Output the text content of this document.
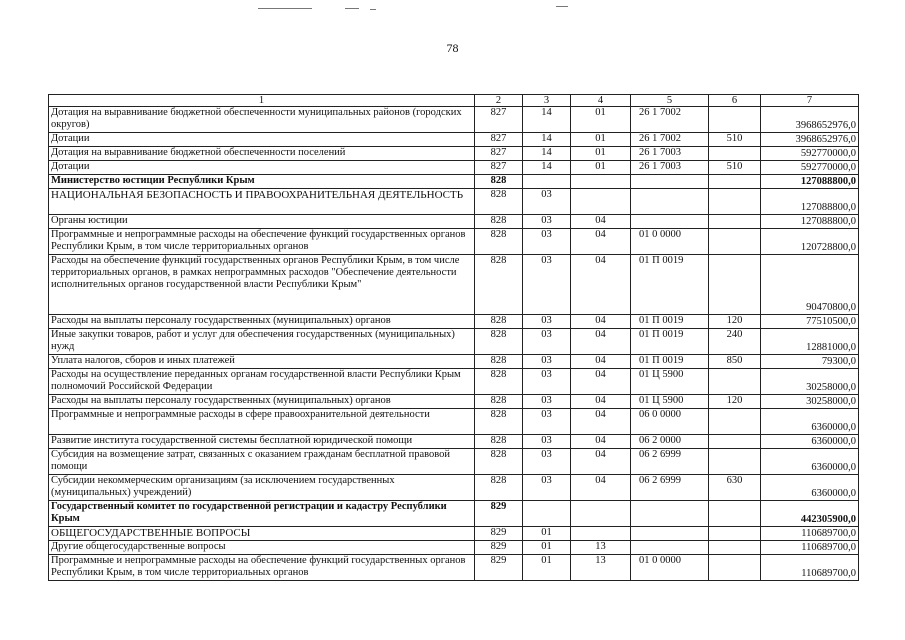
78
1	2	3	4	5	6	7
Дотация на выравнивание бюджетной обеспеченности муниципальных районов (городских округов)	827	14	01	26 1 7002		3968652976,0
Дотации	827	14	01	26 1 7002	510	3968652976,0
Дотация на выравнивание бюджетной обеспеченности поселений	827	14	01	26 1 7003		592770000,0
Дотации	827	14	01	26 1 7003	510	592770000,0
Министерство юстиции Республики Крым	828					127088800,0
НАЦИОНАЛЬНАЯ БЕЗОПАСНОСТЬ И ПРАВООХРАНИТЕЛЬНАЯ ДЕЯТЕЛЬНОСТЬ	828	03				127088800,0
Органы юстиции	828	03	04			127088800,0
Программные и непрограммные расходы на обеспечение функций государственных органов Республики Крым, в том числе территориальных органов	828	03	04	01 0 0000		120728800,0
Расходы на обеспечение функций государственных органов Республики Крым, в том числе территориальных органов, в рамках непрограммных расходов "Обеспечение деятельности исполнительных органов государственной власти Республики Крым"	828	03	04	01 П 0019		90470800,0
Расходы на выплаты персоналу государственных (муниципальных) органов	828	03	04	01 П 0019	120	77510500,0
Иные закупки товаров, работ и услуг для обеспечения государственных (муниципальных) нужд	828	03	04	01 П 0019	240	12881000,0
Уплата налогов, сборов и иных платежей	828	03	04	01 П 0019	850	79300,0
Расходы на осуществление переданных органам государственной власти Республики Крым полномочий Российской Федерации	828	03	04	01 Ц 5900		30258000,0
Расходы на выплаты персоналу государственных (муниципальных) органов	828	03	04	01 Ц 5900	120	30258000,0
Программные и непрограммные расходы в сфере правоохранительной деятельности	828	03	04	06 0 0000		6360000,0
Развитие института государственной системы бесплатной юридической помощи	828	03	04	06 2 0000		6360000,0
Субсидия на возмещение затрат, связанных с оказанием гражданам бесплатной правовой помощи	828	03	04	06 2 6999		6360000,0
Субсидии некоммерческим организациям (за исключением государственных (муниципальных) учреждений)	828	03	04	06 2 6999	630	6360000,0
Государственный комитет по государственной регистрации и кадастру Республики Крым	829					442305900,0
ОБЩЕГОСУДАРСТВЕННЫЕ ВОПРОСЫ	829	01				110689700,0
Другие общегосударственные вопросы	829	01	13			110689700,0
Программные и непрограммные расходы на обеспечение функций государственных органов Республики Крым, в том числе территориальных органов	829	01	13	01 0 0000		110689700,0
